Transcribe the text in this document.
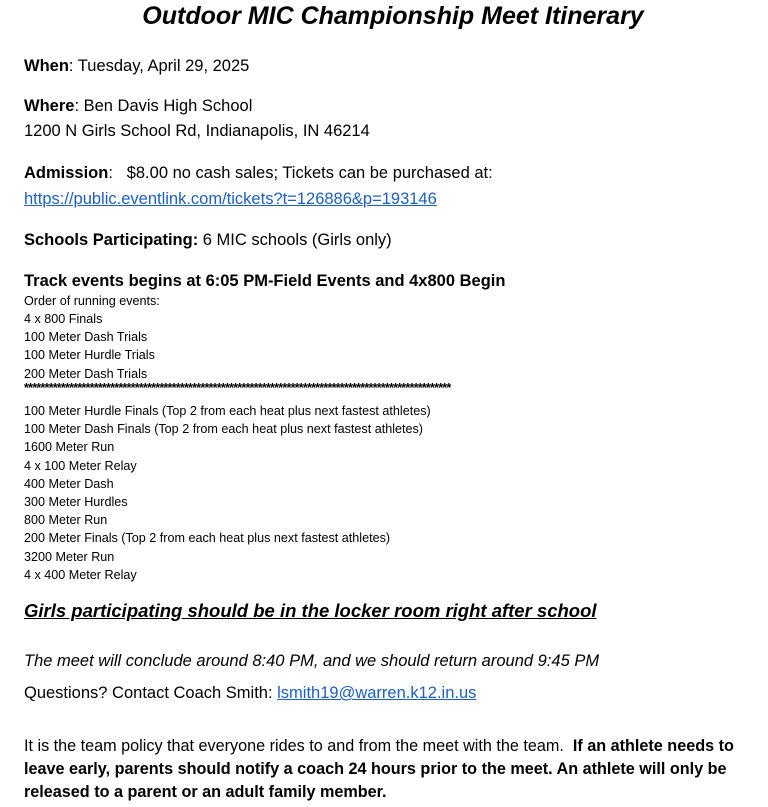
Outdoor MIC Championship Meet Itinerary
When: Tuesday, April 29, 2025
Where: Ben Davis High School
1200 N Girls School Rd, Indianapolis, IN 46214
Admission:   $8.00 no cash sales; Tickets can be purchased at:
https://public.eventlink.com/tickets?t=126886&p=193146
Schools Participating: 6 MIC schools (Girls only)
Track events begins at 6:05 PM-Field Events and 4x800 Begin
Order of running events:
4 x 800 Finals
100 Meter Dash Trials
100 Meter Hurdle Trials
200 Meter Dash Trials
********************************************************************************************************
100 Meter Hurdle Finals (Top 2 from each heat plus next fastest athletes)
100 Meter Dash Finals (Top 2 from each heat plus next fastest athletes)
1600 Meter Run
4 x 100 Meter Relay
400 Meter Dash
300 Meter Hurdles
800 Meter Run
200 Meter Finals (Top 2 from each heat plus next fastest athletes)
3200 Meter Run
4 x 400 Meter Relay
Girls participating should be in the locker room right after school
The meet will conclude around 8:40 PM, and we should return around 9:45 PM
Questions? Contact Coach Smith: lsmith19@warren.k12.in.us
It is the team policy that everyone rides to and from the meet with the team. If an athlete needs to leave early, parents should notify a coach 24 hours prior to the meet. An athlete will only be released to a parent or an adult family member.
